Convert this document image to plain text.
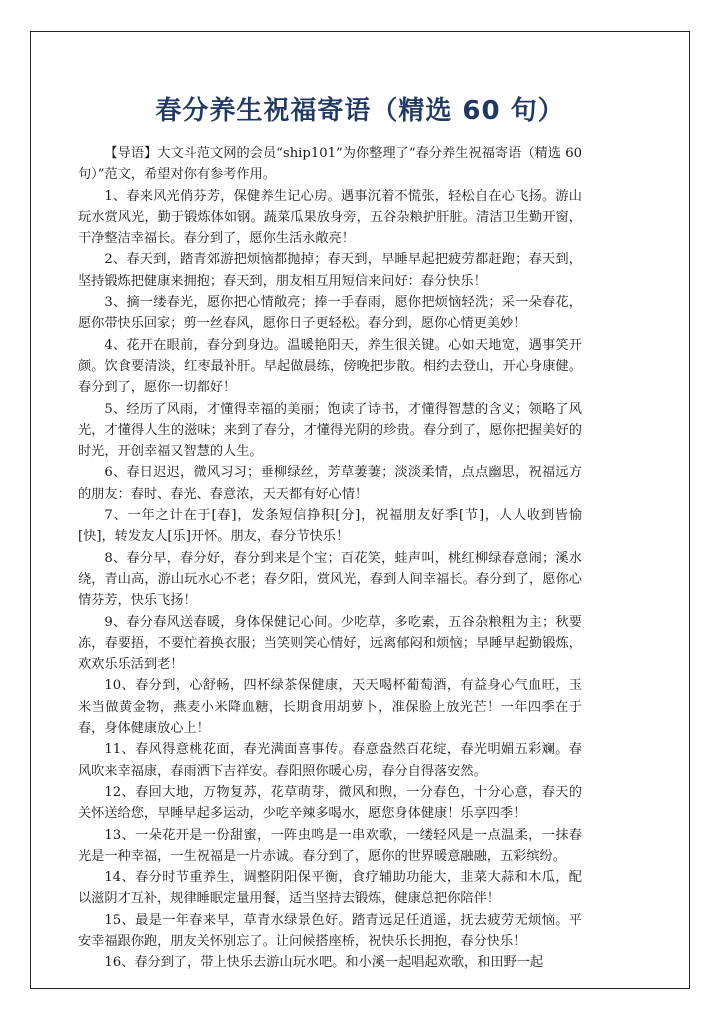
春分养生祝福寄语（精选 60 句）

【导语】大文斗范文网的会员“ship101”为你整理了“春分养生祝福寄语（精选 60 句）”范文，希望对你有参考作用。

1、春来风光俏芬芳，保健养生记心房。遇事沉着不慌张，轻松自在心飞扬。游山玩水赏风光，勤于锻炼体如钢。蔬菜瓜果放身旁，五谷杂粮护肝脏。清洁卫生勤开窗，干净整洁幸福长。春分到了，愿你生活永敞亮！

2、春天到，踏青郊游把烦恼都抛掉；春天到，早睡早起把疲劳都赶跑；春天到，坚持锻炼把健康来拥抱；春天到，朋友相互用短信来问好：春分快乐！

3、摘一缕春光，愿你把心情敞亮；捧一手春雨，愿你把烦恼轻洗；采一朵春花，愿你带快乐回家；剪一丝春风，愿你日子更轻松。春分到，愿你心情更美妙！

4、花开在眼前，春分到身边。温暖艳阳天，养生很关键。心如天地宽，遇事笑开颜。饮食要清淡，红枣最补肝。早起做晨练，傍晚把步散。相约去登山，开心身康健。春分到了，愿你一切都好！

5、经历了风雨，才懂得幸福的美丽；饱读了诗书，才懂得智慧的含义；领略了风光，才懂得人生的滋味；来到了春分，才懂得光阴的珍贵。春分到了，愿你把握美好的时光，开创幸福又智慧的人生。

6、春日迟迟，微风习习；垂柳绿丝，芳草萋萋；淡淡柔情，点点幽思，祝福远方的朋友：春时、春光、春意浓，天天都有好心情！

7、一年之计在于[春]，发条短信挣积[分]，祝福朋友好季[节]，人人收到皆愉[快]，转发友人[乐]开怀。朋友，春分节快乐！

8、春分早，春分好，春分到来是个宝；百花笑，蛙声叫，桃红柳绿春意闹；溪水绕，青山高，游山玩水心不老；春夕阳，赏风光，春到人间幸福长。春分到了，愿你心情芬芳，快乐飞扬！

9、春分春风送春暖，身体保健记心间。少吃草，多吃素，五谷杂粮粗为主；秋要冻，春要捂，不要忙着换衣服；当笑则笑心情好，远离郁闷和烦恼；早睡早起勤锻炼，欢欢乐乐活到老！

10、春分到，心舒畅，四杯绿茶保健康，天天喝杯葡萄酒，有益身心气血旺，玉米当做黄金物，燕麦小米降血糖，长期食用胡萝卜，准保脸上放光芒！一年四季在于春，身体健康放心上！

11、春风得意桃花面，春光满面喜事传。春意盎然百花绽，春光明媚五彩斓。春风吹来幸福康，春雨洒下吉祥安。春阳照你暖心房，春分自得落安然。

12、春回大地，万物复苏，花草萌芽，微风和煦，一分春色，十分心意，春天的关怀送给您，早睡早起多运动，少吃辛辣多喝水，愿您身体健康！乐享四季！

13、一朵花开是一份甜蜜，一阵虫鸣是一串欢歌，一缕轻风是一点温柔，一抹春光是一种幸福，一生祝福是一片赤诚。春分到了，愿你的世界暖意融融，五彩缤纷。

14、春分时节重养生，调整阴阳保平衡，食疗辅助功能大，韭菜大蒜和木瓜，配以滋阴才互补，规律睡眠定量用餐，适当坚持去锻炼，健康总把你陪伴！

15、最是一年春来早，草青水绿景色好。踏青远足任逍遥，抚去疲劳无烦恼。平安幸福跟你跑，朋友关怀别忘了。让问候搭座桥，祝快乐长拥抱，春分快乐！

16、春分到了，带上快乐去游山玩水吧。和小溪一起唱起欢歌，和田野一起
